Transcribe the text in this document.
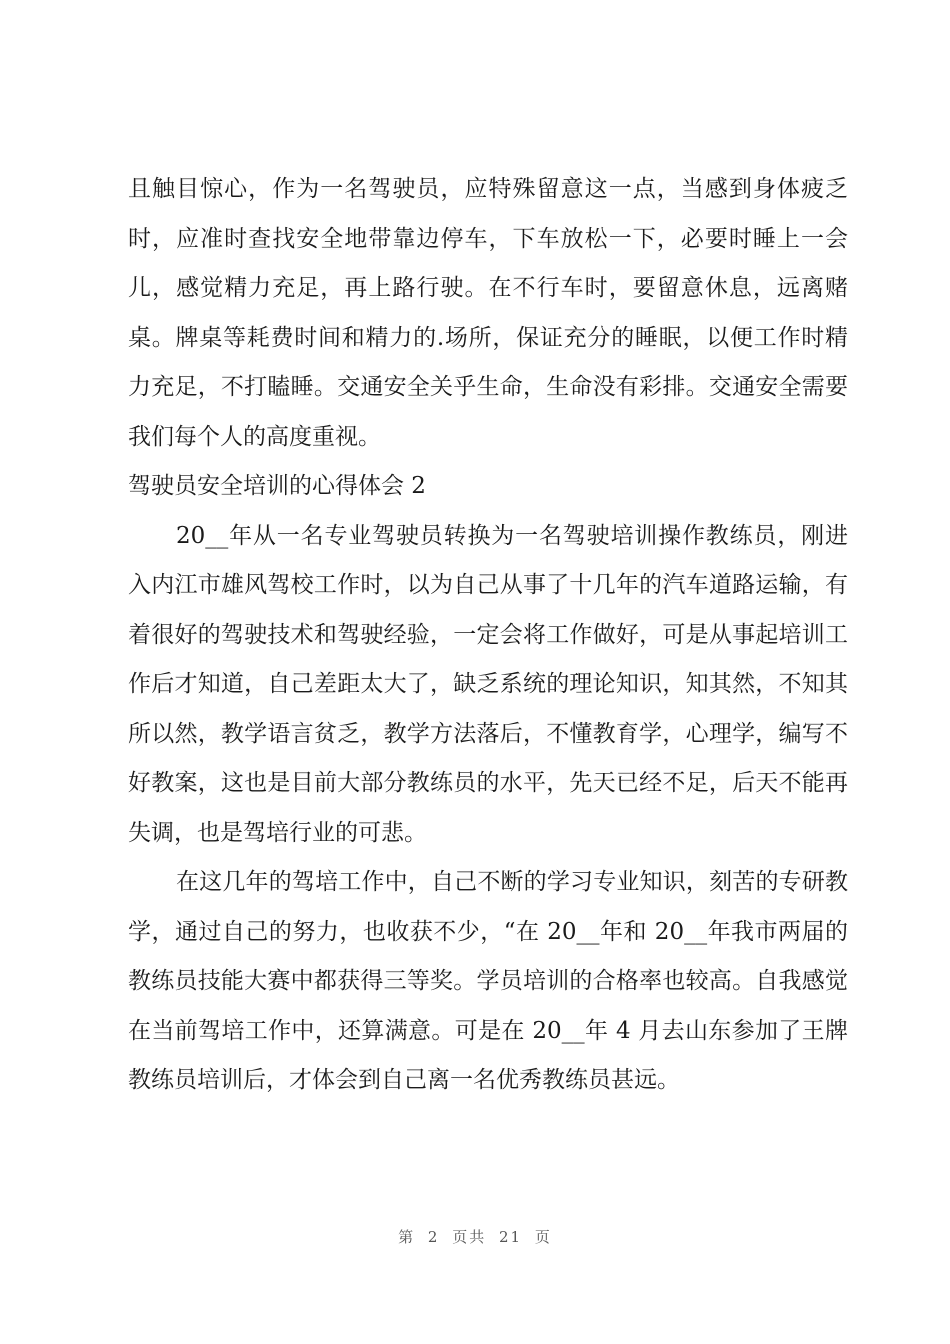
且触目惊心，作为一名驾驶员，应特殊留意这一点，当感到身体疲乏时，应准时查找安全地带靠边停车，下车放松一下，必要时睡上一会儿，感觉精力充足，再上路行驶。在不行车时，要留意休息，远离赌桌。牌桌等耗费时间和精力的.场所，保证充分的睡眠，以便工作时精力充足，不打瞌睡。交通安全关乎生命，生命没有彩排。交通安全需要我们每个人的高度重视。

驾驶员安全培训的心得体会 2

20__年从一名专业驾驶员转换为一名驾驶培训操作教练员，刚进入内江市雄风驾校工作时，以为自己从事了十几年的汽车道路运输，有着很好的驾驶技术和驾驶经验，一定会将工作做好，可是从事起培训工作后才知道，自己差距太大了，缺乏系统的理论知识，知其然，不知其所以然，教学语言贫乏，教学方法落后，不懂教育学，心理学，编写不好教案，这也是目前大部分教练员的水平，先天已经不足，后天不能再失调，也是驾培行业的可悲。

在这几年的驾培工作中，自己不断的学习专业知识，刻苦的专研教学，通过自己的努力，也收获不少，“在 20__年和 20__年我市两届的教练员技能大赛中都获得三等奖。学员培训的合格率也较高。自我感觉在当前驾培工作中，还算满意。可是在 20__年 4 月去山东参加了王牌教练员培训后，才体会到自己离一名优秀教练员甚远。

第 2 页共 21 页
